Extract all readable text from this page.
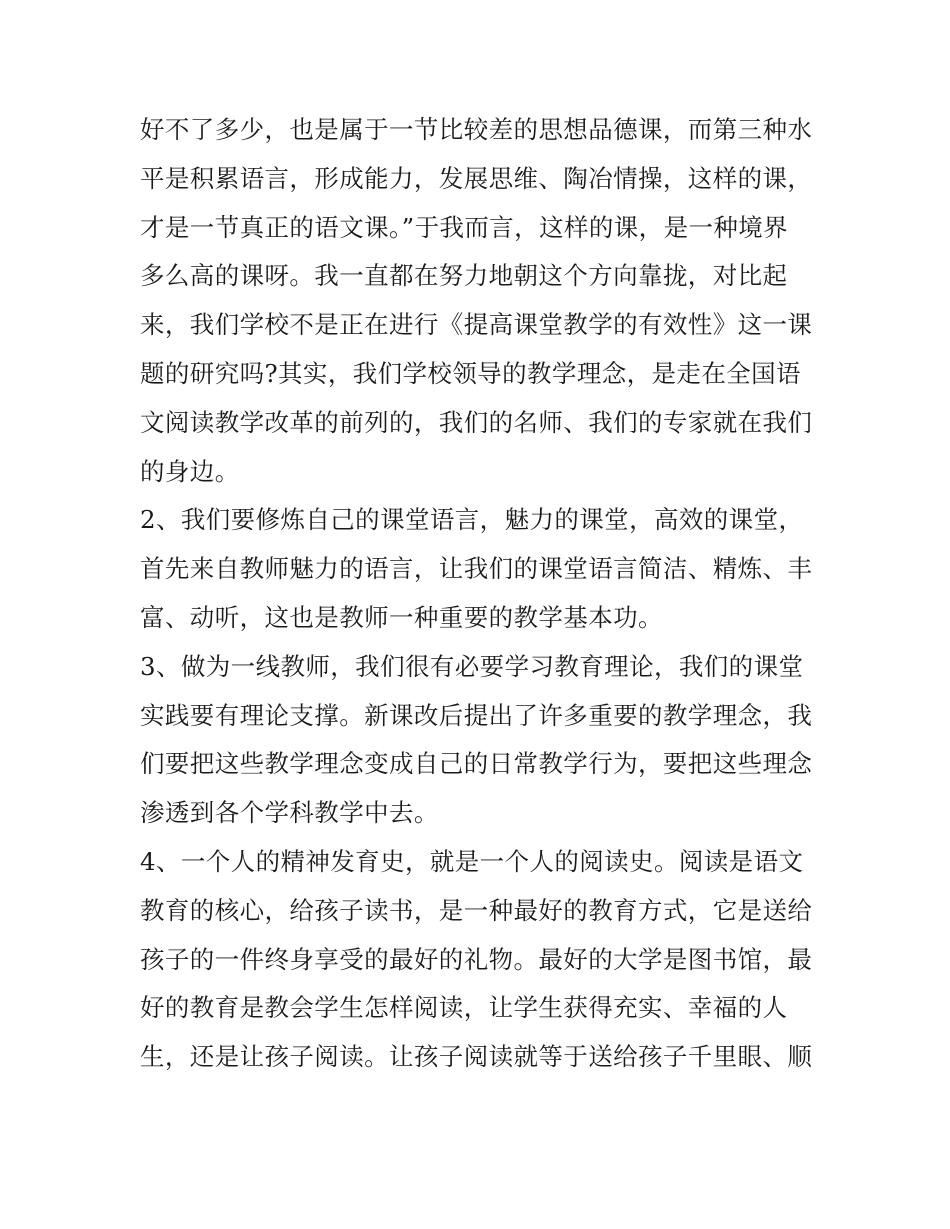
好不了多少，也是属于一节比较差的思想品德课，而第三种水
平是积累语言，形成能力，发展思维、陶冶情操，这样的课，
才是一节真正的语文课。”于我而言，这样的课，是一种境界
多么高的课呀。我一直都在努力地朝这个方向靠拢，对比起
来，我们学校不是正在进行《提高课堂教学的有效性》这一课
题的研究吗?其实，我们学校领导的教学理念，是走在全国语
文阅读教学改革的前列的，我们的名师、我们的专家就在我们
的身边。
2、我们要修炼自己的课堂语言，魅力的课堂，高效的课堂，
首先来自教师魅力的语言，让我们的课堂语言简洁、精炼、丰
富、动听，这也是教师一种重要的教学基本功。
3、做为一线教师，我们很有必要学习教育理论，我们的课堂
实践要有理论支撑。新课改后提出了许多重要的教学理念，我
们要把这些教学理念变成自己的日常教学行为，要把这些理念
渗透到各个学科教学中去。
4、一个人的精神发育史，就是一个人的阅读史。阅读是语文
教育的核心，给孩子读书，是一种最好的教育方式，它是送给
孩子的一件终身享受的最好的礼物。最好的大学是图书馆，最
好的教育是教会学生怎样阅读，让学生获得充实、幸福的人
生，还是让孩子阅读。让孩子阅读就等于送给孩子千里眼、顺
